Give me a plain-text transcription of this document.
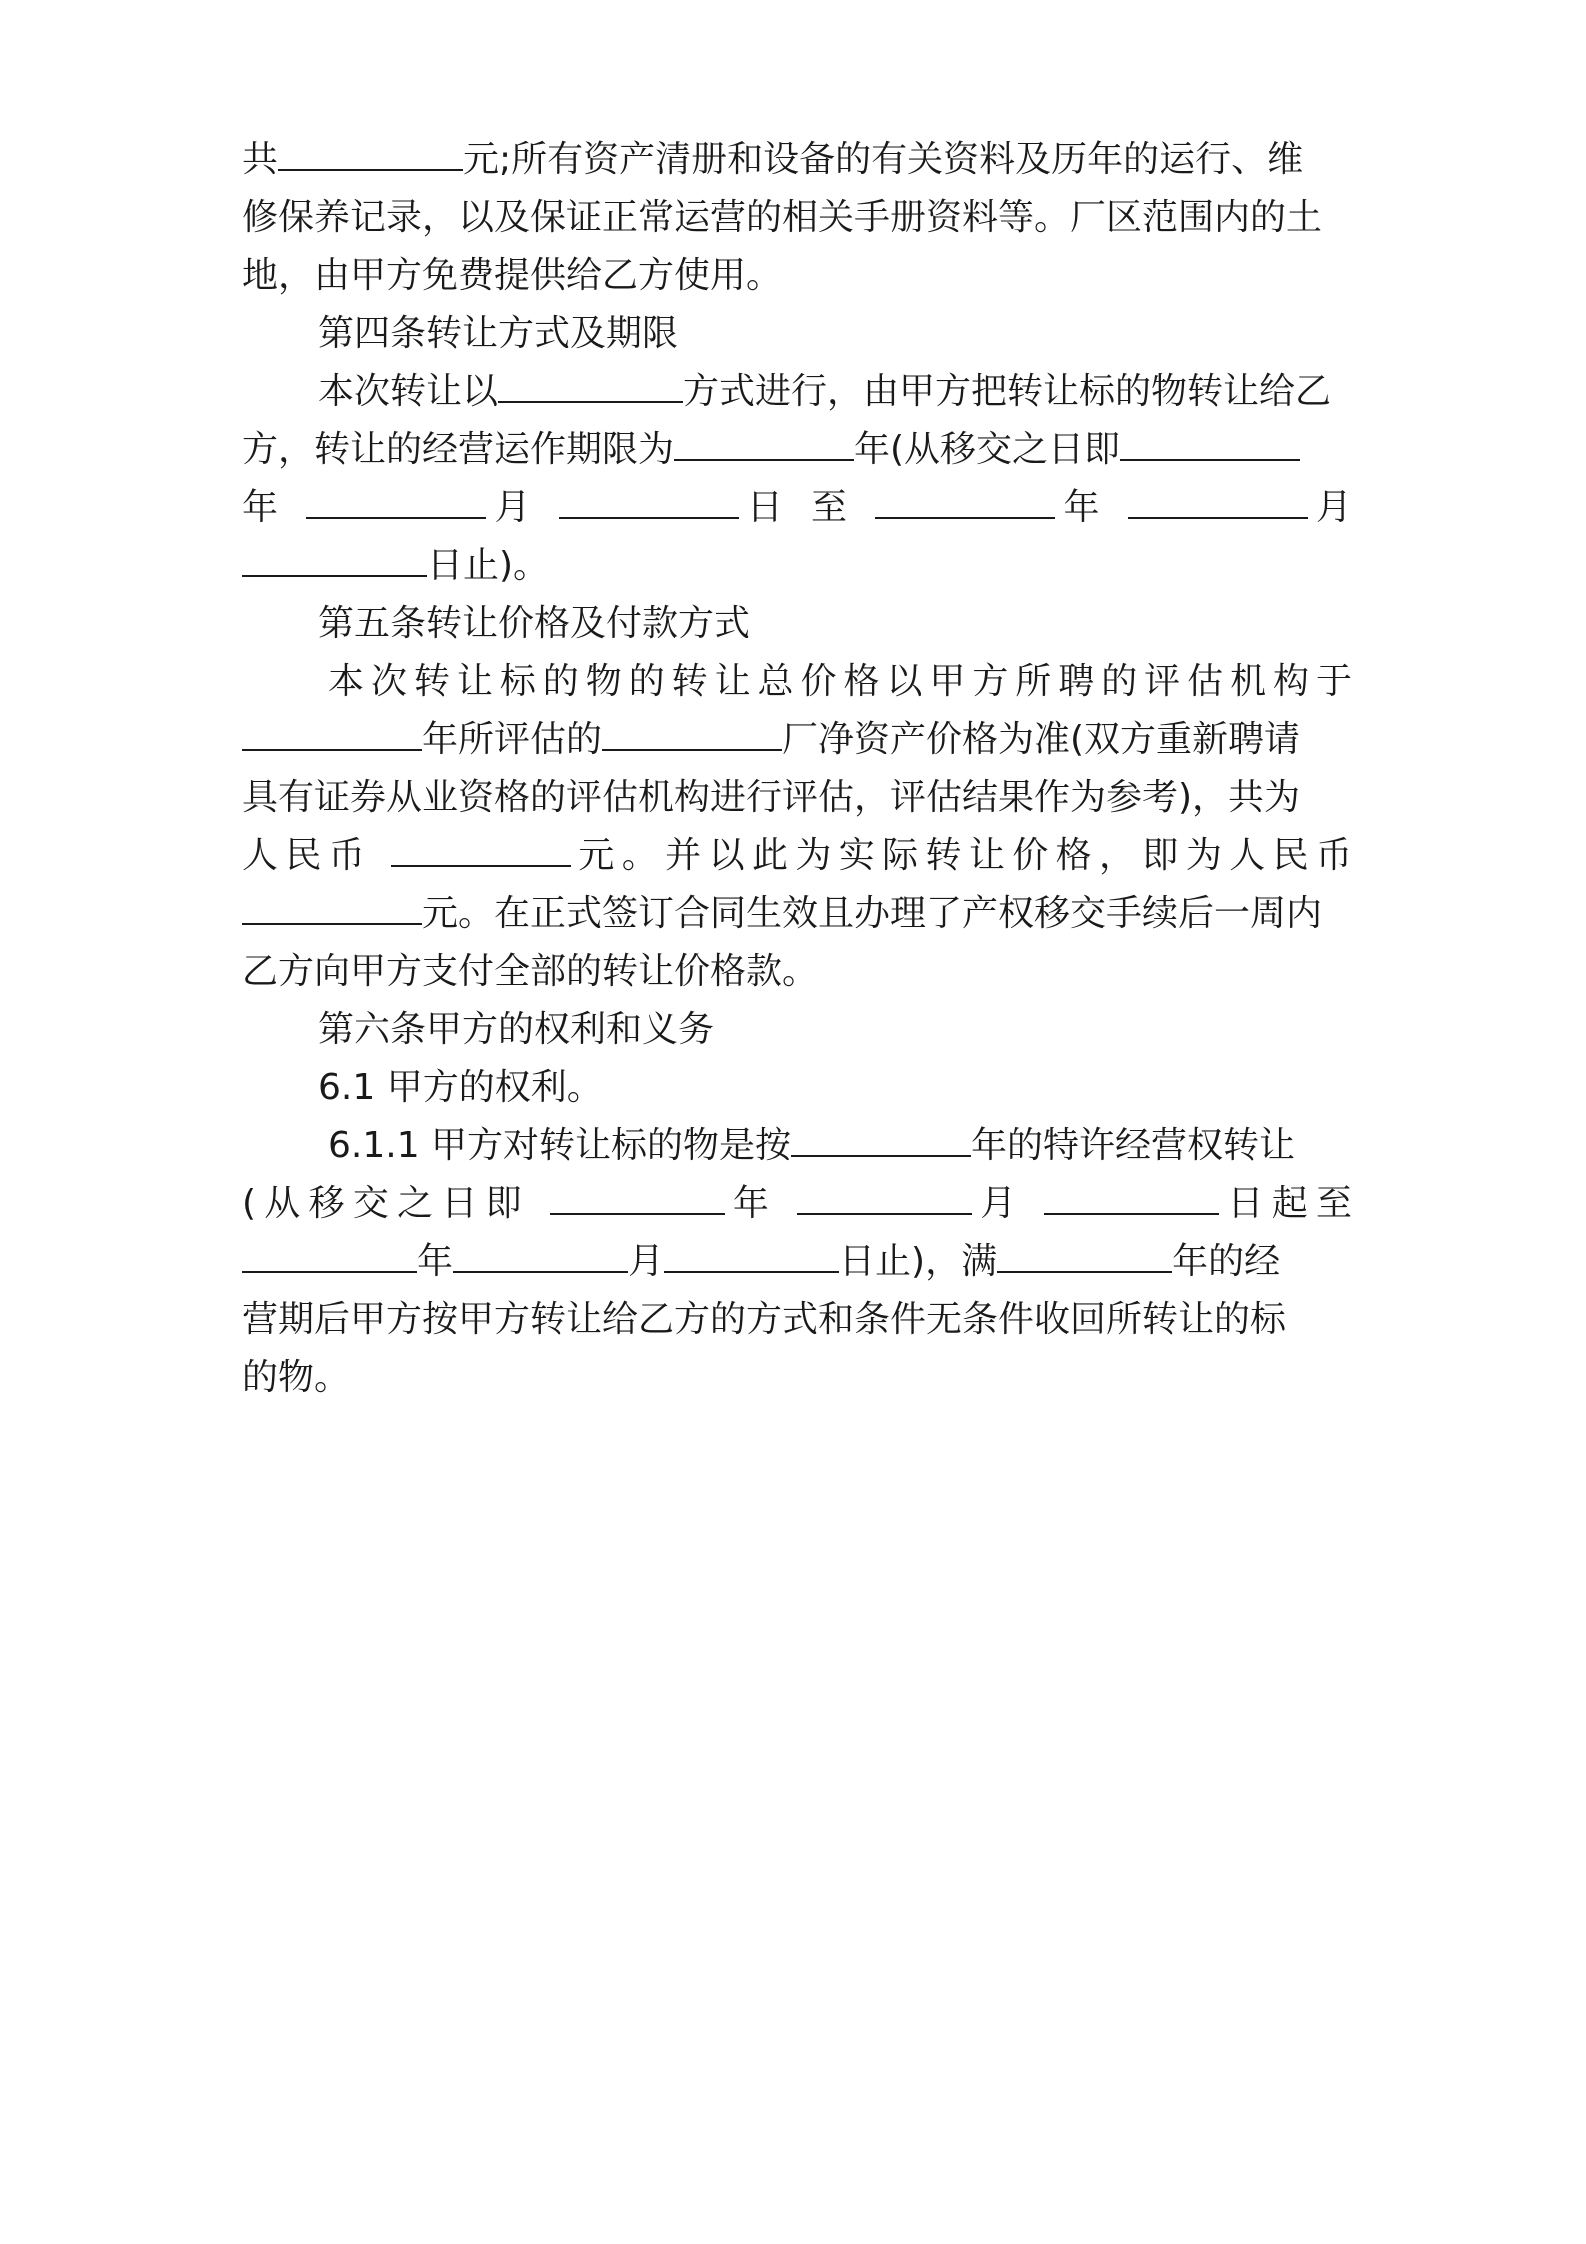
共	元;所有资产清册和设备的有关资料及历年的运行、维
修保养记录，以及保证正常运营的相关手册资料等。厂区范围内的土
地，由甲方免费提供给乙方使用。
第四条转让方式及期限
本次转让以	方式进行，由甲方把转让标的物转让给乙
方，转让的经营运作期限为	年(从移交之日即
年	月	日 至	年	月
日止)。
第五条转让价格及付款方式
本次转让标的物的转让总价格以甲方所聘的评估机构于
年所评估的	厂净资产价格为准(双方重新聘请
具有证券从业资格的评估机构进行评估，评估结果作为参考)，共为
人民币	元。并以此为实际转让价格，即为人民币
元。在正式签订合同生效且办理了产权移交手续后一周内
乙方向甲方支付全部的转让价格款。
第六条甲方的权利和义务
6.1 甲方的权利。
6.1.1 甲方对转让标的物是按	年的特许经营权转让
(从移交之日即	年	月	日起至
年	月	日止)，满	年的经
营期后甲方按甲方转让给乙方的方式和条件无条件收回所转让的标
的物。
